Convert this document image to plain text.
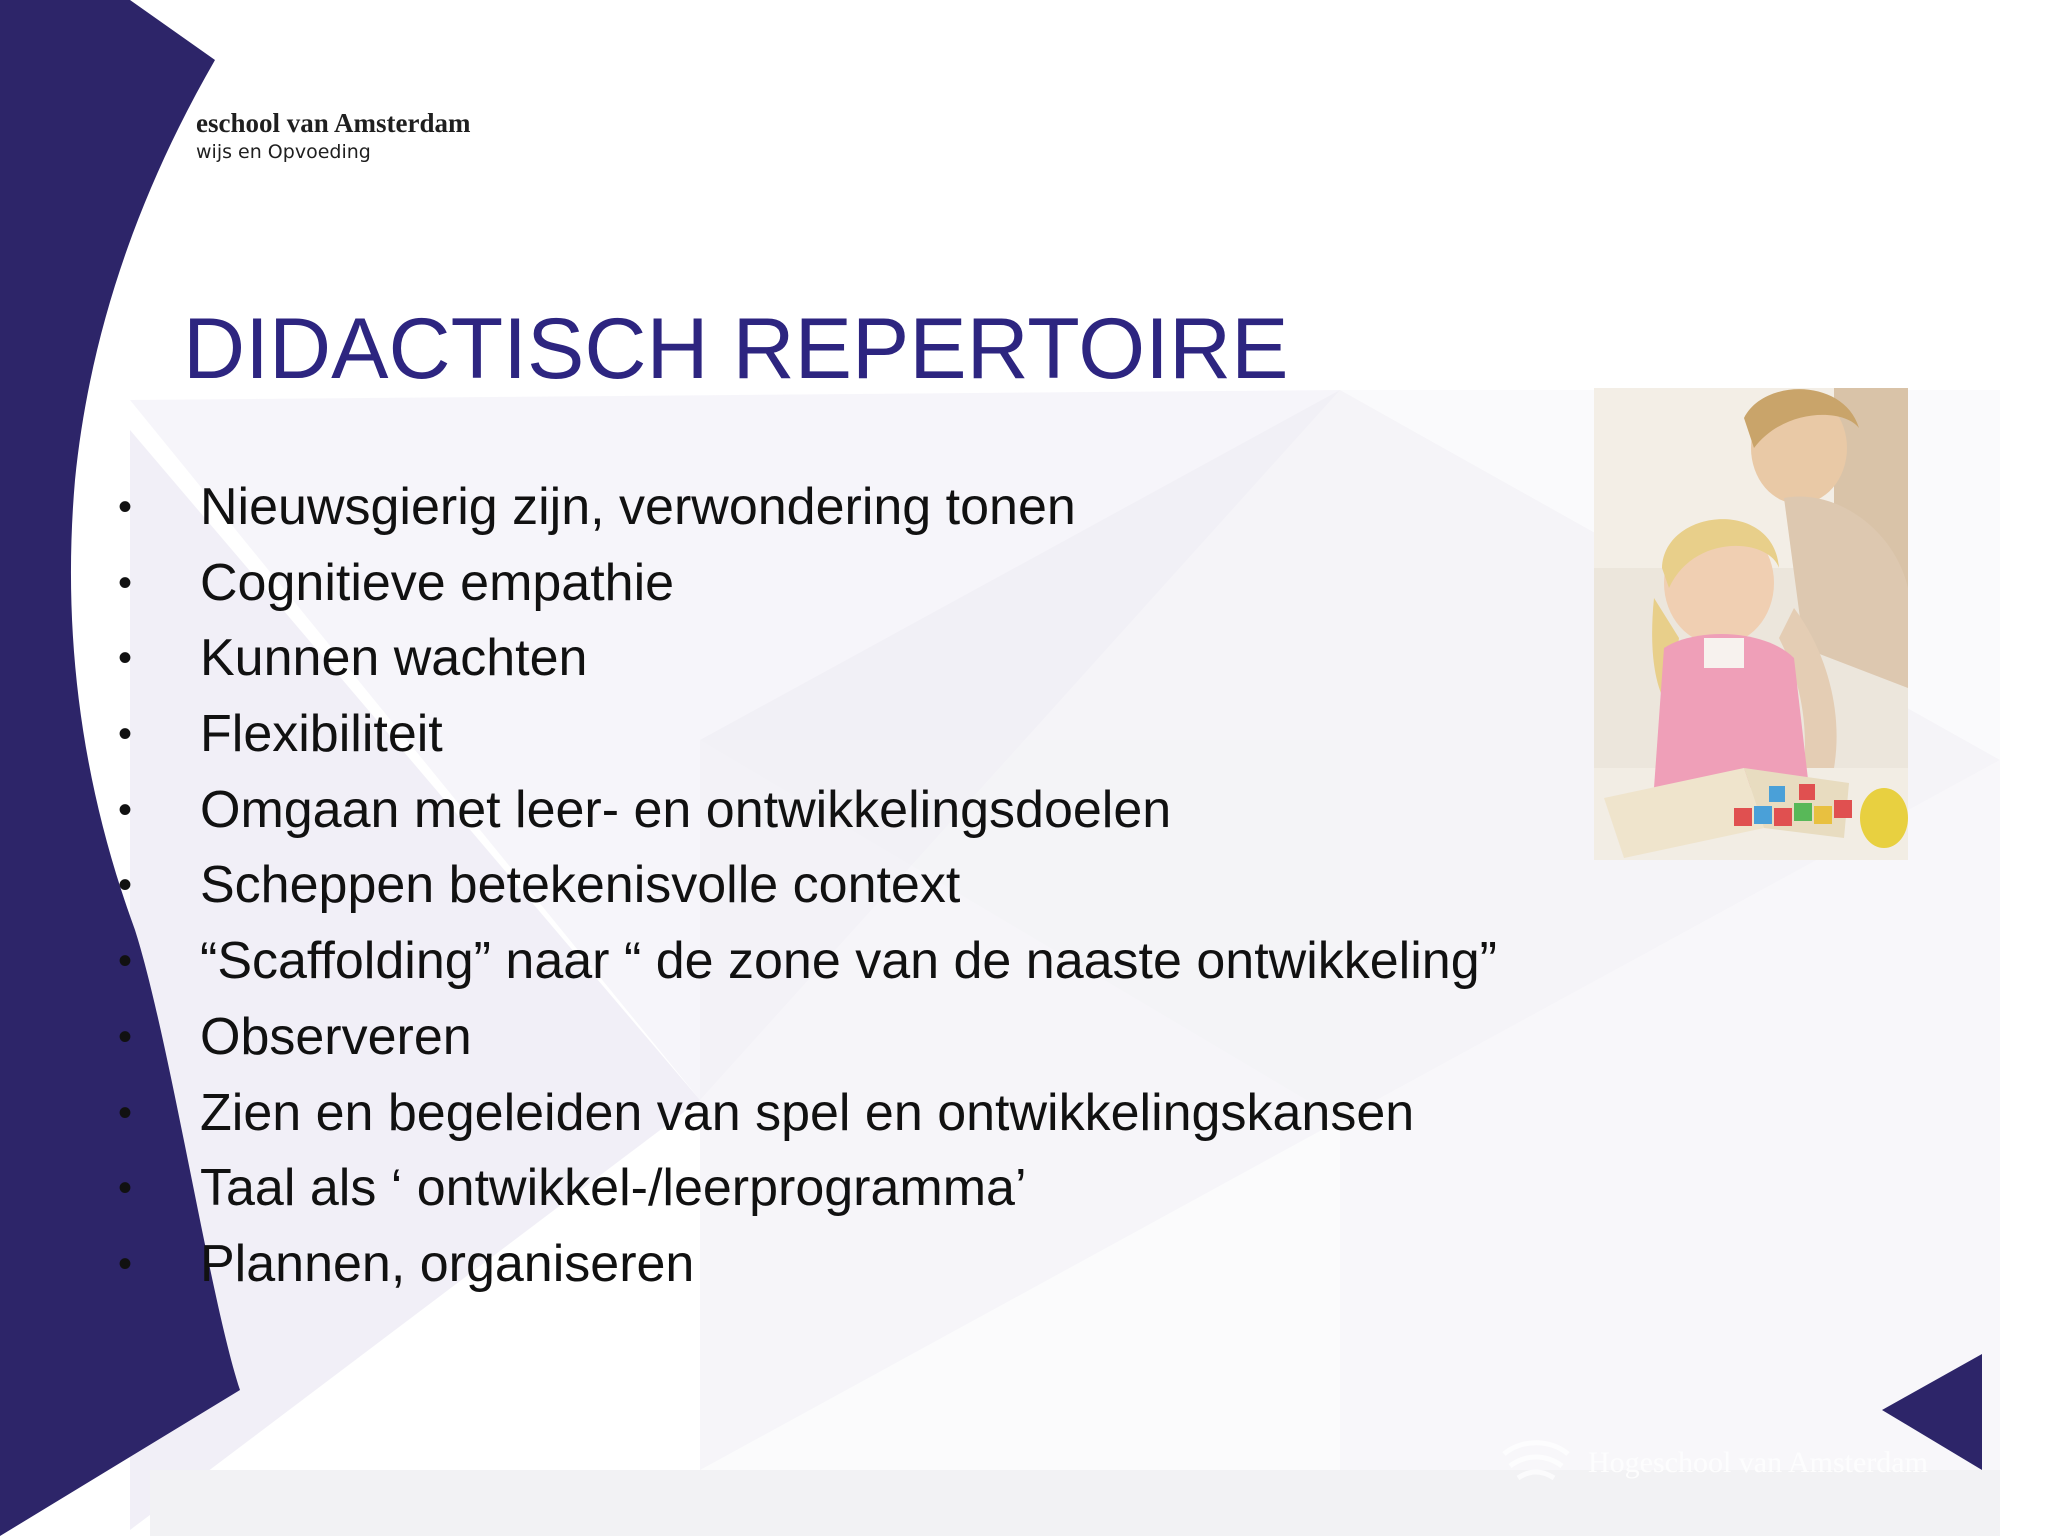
eschool van Amsterdam
wijs en Opvoeding
DIDACTISCH REPERTOIRE
• Nieuwsgierig zijn, verwondering tonen
• Cognitieve empathie
• Kunnen wachten
• Flexibiliteit
• Omgaan met leer- en ontwikkelingsdoelen
• Scheppen betekenisvolle context
• “Scaffolding” naar “ de zone van de naaste ontwikkeling”
• Observeren
• Zien en begeleiden van spel en ontwikkelingskansen
• Taal als ‘ ontwikkel-/leerprogramma’
• Plannen, organiseren
Hogeschool van Amsterdam
